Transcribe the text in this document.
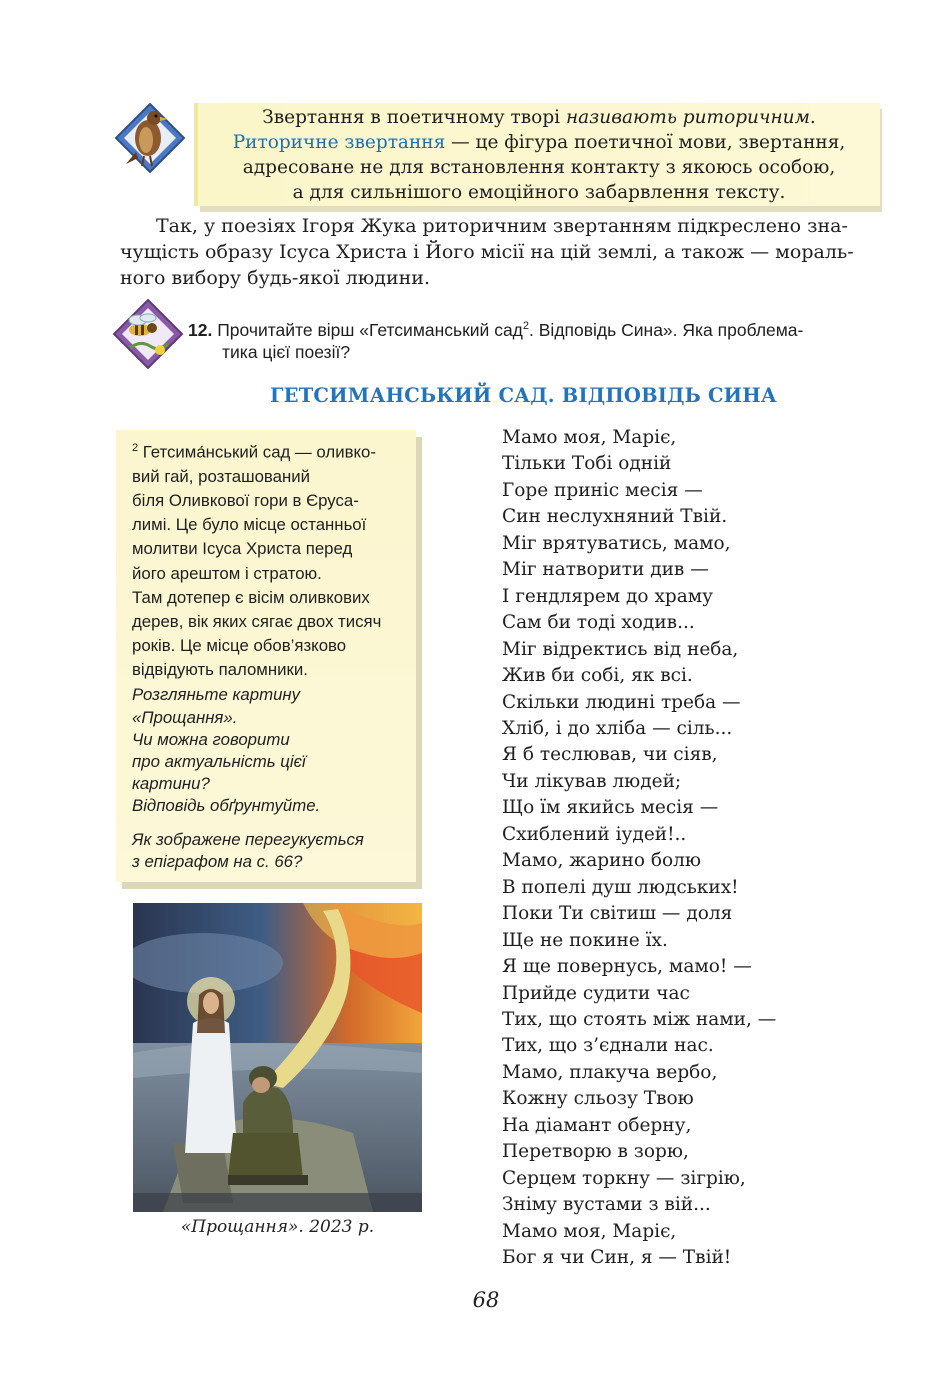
Звертання в поетичному творі називають риторичним.
Риторичне звертання — це фігура поетичної мови, звертання,
адресоване не для встановлення контакту з якоюсь особою,
а для сильнішого емоційного забарвлення тексту.
Так, у поезіях Ігоря Жука риторичним звертанням підкреслено зна-
чущість образу Ісуса Христа і Його місії на цій землі, а також — мораль-
ного вибору будь-якої людини.
12. Прочитайте вірш «Гетсиманський сад$^2$. Відповідь Сина». Яка проблема-
тика цієї поезії?
ГЕТСИМАНСЬКИЙ САД. ВІДПОВІДЬ СИНА
$^2$ Гетсима́нський сад — оливко-
вий гай, розташований
біля Оливкової гори в Єруса-
лимі. Це було місце останньої
молитви Ісуса Христа перед
його арештом і стратою.
Там дотепер є вісім оливкових
дерев, вік яких сягає двох тисяч
років. Це місце обов’язково
відвідують паломники.
Розгляньте картину
«Прощання».
Чи можна говорити
про актуальність цієї
картини?
Відповідь обґрунтуйте.
Як зображене перегукується
з епіграфом на с. 66?
«Прощання». 2023 р.
Мамо моя, Маріє,
Тільки Тобі одній
Горе приніс месія —
Син неслухняний Твій.
Міг врятуватись, мамо,
Міг натворити див —
І гендлярем до храму
Сам би тоді ходив...
Міг відректись від неба,
Жив би собі, як всі.
Скільки людині треба —
Хліб, і до хліба — сіль...
Я б теслював, чи сіяв,
Чи лікував людей;
Що їм якийсь месія —
Схиблений іудей!..
Мамо, жарино болю
В попелі душ людських!
Поки Ти світиш — доля
Ще не покине їх.
Я ще повернусь, мамо! —
Прийде судити час
Тих, що стоять між нами, —
Тих, що з’єднали нас.
Мамо, плакуча вербо,
Кожну сльозу Твою
На діамант оберну,
Перетворю в зорю,
Серцем торкну — зігрію,
Зніму вустами з вій...
Мамо моя, Маріє,
Бог я чи Син, я — Твій!
68
